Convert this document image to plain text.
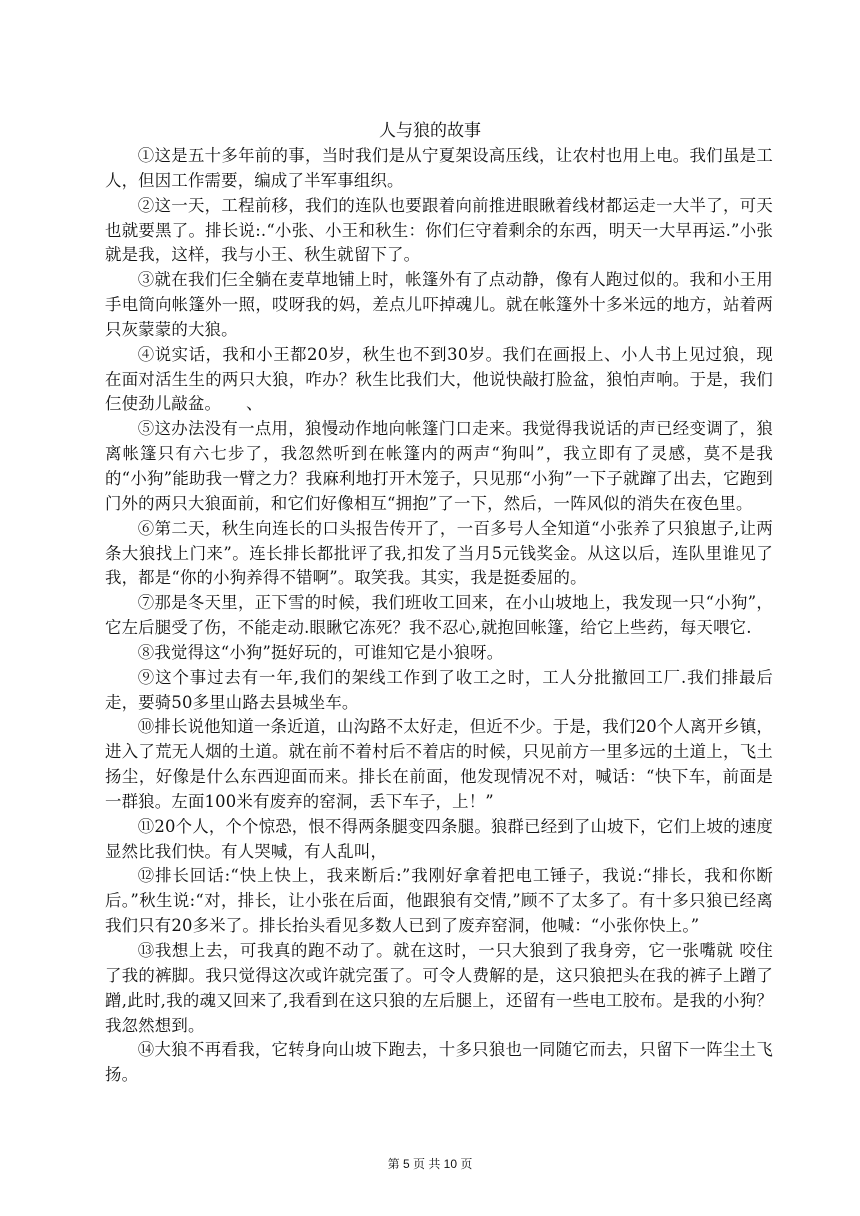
人与狼的故事

①这是五十多年前的事，当时我们是从宁夏架设高压线，让农村也用上电。我们虽是工人，但因工作需要，编成了半军事组织。

②这一天，工程前移，我们的连队也要跟着向前推进眼瞅着线材都运走一大半了，可天也就要黑了。排长说:.“小张、小王和秋生：你们仨守着剩余的东西，明天一大早再运.”小张就是我，这样，我与小王、秋生就留下了。

③就在我们仨全躺在麦草地铺上时，帐篷外有了点动静，像有人跑过似的。我和小王用手电筒向帐篷外一照，哎呀我的妈，差点儿吓掉魂儿。就在帐篷外十多米远的地方，站着两只灰蒙蒙的大狼。

④说实话，我和小王都20岁，秋生也不到30岁。我们在画报上、小人书上见过狼，现在面对活生生的两只大狼，咋办？秋生比我们大，他说快敲打脸盆，狼怕声响。于是，我们仨使劲儿敲盆。　　、

⑤这办法没有一点用，狼慢动作地向帐篷门口走来。我觉得我说话的声已经变调了，狼离帐篷只有六七步了，我忽然听到在帐篷内的两声“狗叫”，我立即有了灵感，莫不是我的“小狗”能助我一臂之力？我麻利地打开木笼子，只见那“小狗”一下子就蹿了出去，它跑到门外的两只大狼面前，和它们好像相互“拥抱”了一下，然后，一阵风似的消失在夜色里。

⑥第二天，秋生向连长的口头报告传开了，一百多号人全知道“小张养了只狼崽子,让两条大狼找上门来”。连长排长都批评了我,扣发了当月5元钱奖金。从这以后，连队里谁见了我，都是“你的小狗养得不错啊”。取笑我。其实，我是挺委屈的。

⑦那是冬天里，正下雪的时候，我们班收工回来，在小山坡地上，我发现一只“小狗”，它左后腿受了伤，不能走动.眼瞅它冻死？我不忍心,就抱回帐篷，给它上些药，每天喂它.

⑧我觉得这“小狗”挺好玩的，可谁知它是小狼呀。

⑨这个事过去有一年,我们的架线工作到了收工之时，工人分批撤回工厂.我们排最后走，要骑50多里山路去县城坐车。

⑩排长说他知道一条近道，山沟路不太好走，但近不少。于是，我们20个人离开乡镇，进入了荒无人烟的土道。就在前不着村后不着店的时候，只见前方一里多远的土道上，飞土扬尘，好像是什么东西迎面而来。排长在前面，他发现情况不对，喊话：“快下车，前面是一群狼。左面100米有废弃的窑洞，丢下车子，上！”

⑪20个人，个个惊恐，恨不得两条腿变四条腿。狼群已经到了山坡下，它们上坡的速度显然比我们快。有人哭喊，有人乱叫，

⑫排长回话:“快上快上，我来断后:”我刚好拿着把电工锤子，我说:“排长，我和你断后。”秋生说:“对，排长，让小张在后面，他跟狼有交情,”顾不了太多了。有十多只狼已经离我们只有20多米了。排长抬头看见多数人已到了废弃窑洞，他喊：“小张你快上。”

⑬我想上去，可我真的跑不动了。就在这时，一只大狼到了我身旁，它一张嘴就 咬住了我的裤脚。我只觉得这次或许就完蛋了。可令人费解的是，这只狼把头在我的裤子上蹭了蹭,此时,我的魂又回来了,我看到在这只狼的左后腿上，还留有一些电工胶布。是我的小狗？我忽然想到。

⑭大狼不再看我，它转身向山坡下跑去，十多只狼也一同随它而去，只留下一阵尘土飞扬。

第 5 页 共 10 页
